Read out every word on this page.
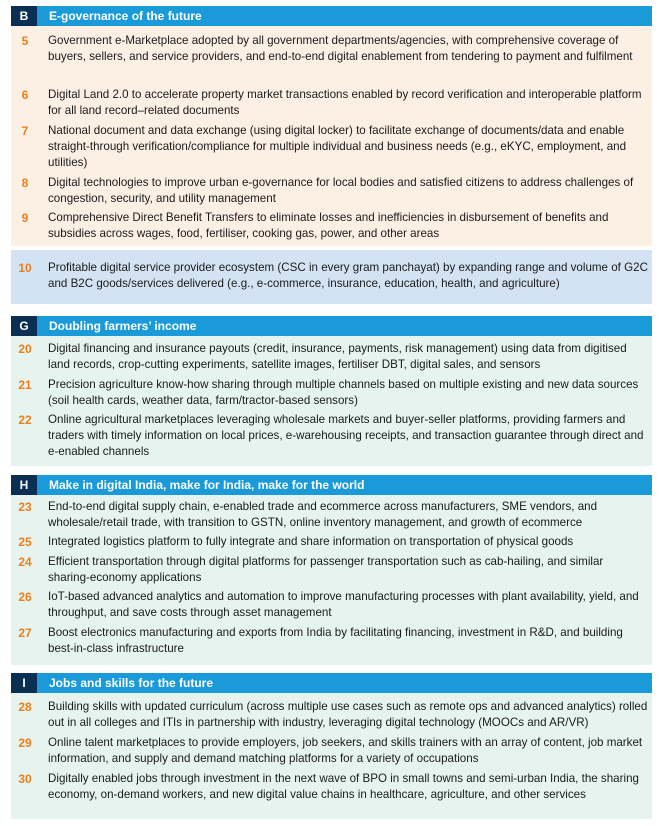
B	E-governance of the future
5	Government e-Marketplace adopted by all government departments/agencies, with comprehensive coverage of buyers, sellers, and service providers, and end-to-end digital enablement from tendering to payment and fulfilment
6	Digital Land 2.0 to accelerate property market transactions enabled by record verification and interoperable platform for all land record–related documents
7	National document and data exchange (using digital locker) to facilitate exchange of documents/data and enable straight-through verification/compliance for multiple individual and business needs (e.g., eKYC, employment, and utilities)
8	Digital technologies to improve urban e-governance for local bodies and satisfied citizens to address challenges of congestion, security, and utility management
9	Comprehensive Direct Benefit Transfers to eliminate losses and inefficiencies in disbursement of benefits and subsidies across wages, food, fertiliser, cooking gas, power, and other areas
10	Profitable digital service provider ecosystem (CSC in every gram panchayat) by expanding range and volume of G2C and B2C goods/services delivered (e.g., e-commerce, insurance, education, health, and agriculture)
G	Doubling farmers’ income
20	Digital financing and insurance payouts (credit, insurance, payments, risk management) using data from digitised land records, crop-cutting experiments, satellite images, fertiliser DBT, digital sales, and sensors
21	Precision agriculture know-how sharing through multiple channels based on multiple existing and new data sources (soil health cards, weather data, farm/tractor-based sensors)
22	Online agricultural marketplaces leveraging wholesale markets and buyer-seller platforms, providing farmers and traders with timely information on local prices, e-warehousing receipts, and transaction guarantee through direct and e-enabled channels
H	Make in digital India, make for India, make for the world
23	End-to-end digital supply chain, e-enabled trade and ecommerce across manufacturers, SME vendors, and wholesale/retail trade, with transition to GSTN, online inventory management, and growth of ecommerce
25	Integrated logistics platform to fully integrate and share information on transportation of physical goods
24	Efficient transportation through digital platforms for passenger transportation such as cab-hailing, and similar sharing-economy applications
26	IoT-based advanced analytics and automation to improve manufacturing processes with plant availability, yield, and throughput, and save costs through asset management
27	Boost electronics manufacturing and exports from India by facilitating financing, investment in R&D, and building best-in-class infrastructure
I	Jobs and skills for the future
28	Building skills with updated curriculum (across multiple use cases such as remote ops and advanced analytics) rolled out in all colleges and ITIs in partnership with industry, leveraging digital technology (MOOCs and AR/VR)
29	Online talent marketplaces to provide employers, job seekers, and skills trainers with an array of content, job market information, and supply and demand matching platforms for a variety of occupations
30	Digitally enabled jobs through investment in the next wave of BPO in small towns and semi-urban India, the sharing economy, on-demand workers, and new digital value chains in healthcare, agriculture, and other services
